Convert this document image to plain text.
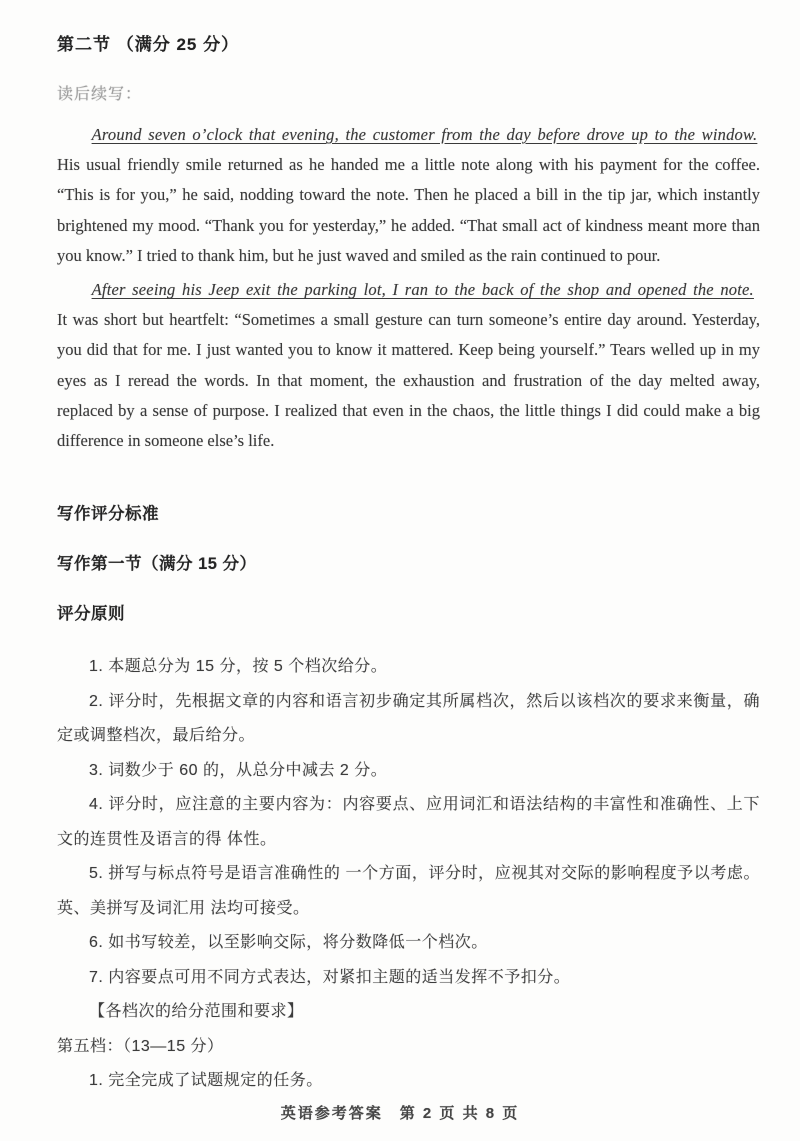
第二节 （满分 25 分）
读后续写：

Around seven o’clock that evening, the customer from the day before drove up to the window.
His usual friendly smile returned as he handed me a little note along with his payment for the coffee. “This is for you,” he said, nodding toward the note. Then he placed a bill in the tip jar, which instantly brightened my mood. “Thank you for yesterday,” he added. “That small act of kindness meant more than you know.” I tried to thank him, but he just waved and smiled as the rain continued to pour.

After seeing his Jeep exit the parking lot, I ran to the back of the shop and opened the note.
It was short but heartfelt: “Sometimes a small gesture can turn someone’s entire day around. Yesterday, you did that for me. I just wanted you to know it mattered. Keep being yourself.” Tears welled up in my eyes as I reread the words. In that moment, the exhaustion and frustration of the day melted away, replaced by a sense of purpose. I realized that even in the chaos, the little things I did could make a big difference in someone else’s life.

写作评分标准
写作第一节（满分 15 分）
评分原则

1. 本题总分为 15 分，按 5 个档次给分。

2. 评分时，先根据文章的内容和语言初步确定其所属档次，然后以该档次的要求来衡量，确定或调整档次，最后给分。

3. 词数少于 60 的，从总分中减去 2 分。

4. 评分时，应注意的主要内容为：内容要点、应用词汇和语法结构的丰富性和准确性、上下文的连贯性及语言的得 体性。

5. 拼写与标点符号是语言准确性的 一个方面，评分时，应视其对交际的影响程度予以考虑。英、美拼写及词汇用 法均可接受。

6. 如书写较差，以至影响交际，将分数降低一个档次。

7. 内容要点可用不同方式表达，对紧扣主题的适当发挥不予扣分。

【各档次的给分范围和要求】

第五档：（13—15 分）

1. 完全完成了试题规定的任务。

英语参考答案　第 2 页 共 8 页
